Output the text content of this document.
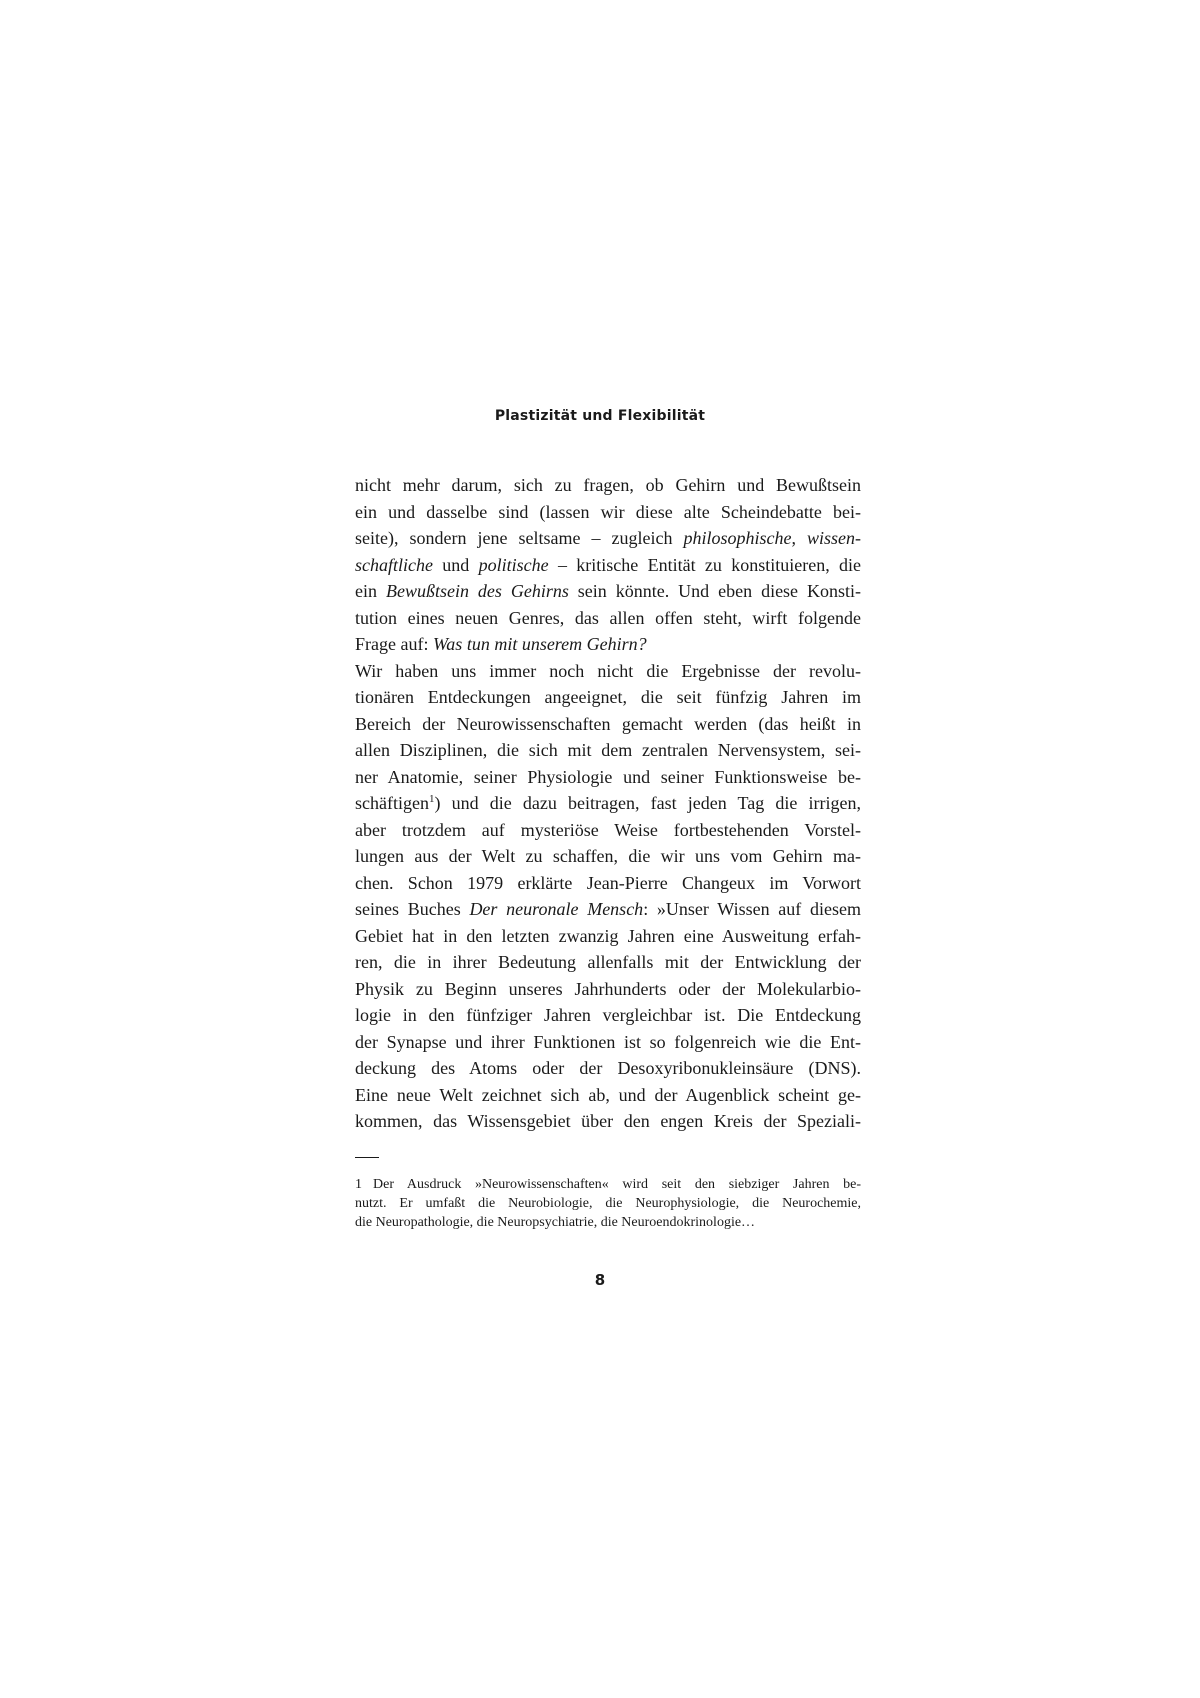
Plastizität und Flexibilität
nicht mehr darum, sich zu fragen, ob Gehirn und Bewußtsein
ein und dasselbe sind (lassen wir diese alte Scheindebatte bei-
seite), sondern jene seltsame – zugleich philosophische, wissen-
schaftliche und politische – kritische Entität zu konstituieren, die
ein Bewußtsein des Gehirns sein könnte. Und eben diese Konsti-
tution eines neuen Genres, das allen offen steht, wirft folgende
Frage auf: Was tun mit unserem Gehirn?
Wir haben uns immer noch nicht die Ergebnisse der revolu-
tionären Entdeckungen angeeignet, die seit fünfzig Jahren im
Bereich der Neurowissenschaften gemacht werden (das heißt in
allen Disziplinen, die sich mit dem zentralen Nervensystem, sei-
ner Anatomie, seiner Physiologie und seiner Funktionsweise be-
schäftigen$^1$) und die dazu beitragen, fast jeden Tag die irrigen,
aber trotzdem auf mysteriöse Weise fortbestehenden Vorstel-
lungen aus der Welt zu schaffen, die wir uns vom Gehirn ma-
chen. Schon 1979 erklärte Jean-Pierre Changeux im Vorwort
seines Buches Der neuronale Mensch: »Unser Wissen auf diesem
Gebiet hat in den letzten zwanzig Jahren eine Ausweitung erfah-
ren, die in ihrer Bedeutung allenfalls mit der Entwicklung der
Physik zu Beginn unseres Jahrhunderts oder der Molekularbio-
logie in den fünfziger Jahren vergleichbar ist. Die Entdeckung
der Synapse und ihrer Funktionen ist so folgenreich wie die Ent-
deckung des Atoms oder der Desoxyribonukleinsäure (DNS).
Eine neue Welt zeichnet sich ab, und der Augenblick scheint ge-
kommen, das Wissensgebiet über den engen Kreis der Speziali-
1 Der Ausdruck »Neurowissenschaften« wird seit den siebziger Jahren be-
nutzt. Er umfaßt die Neurobiologie, die Neurophysiologie, die Neurochemie,
die Neuropathologie, die Neuropsychiatrie, die Neuroendokrinologie…
8
